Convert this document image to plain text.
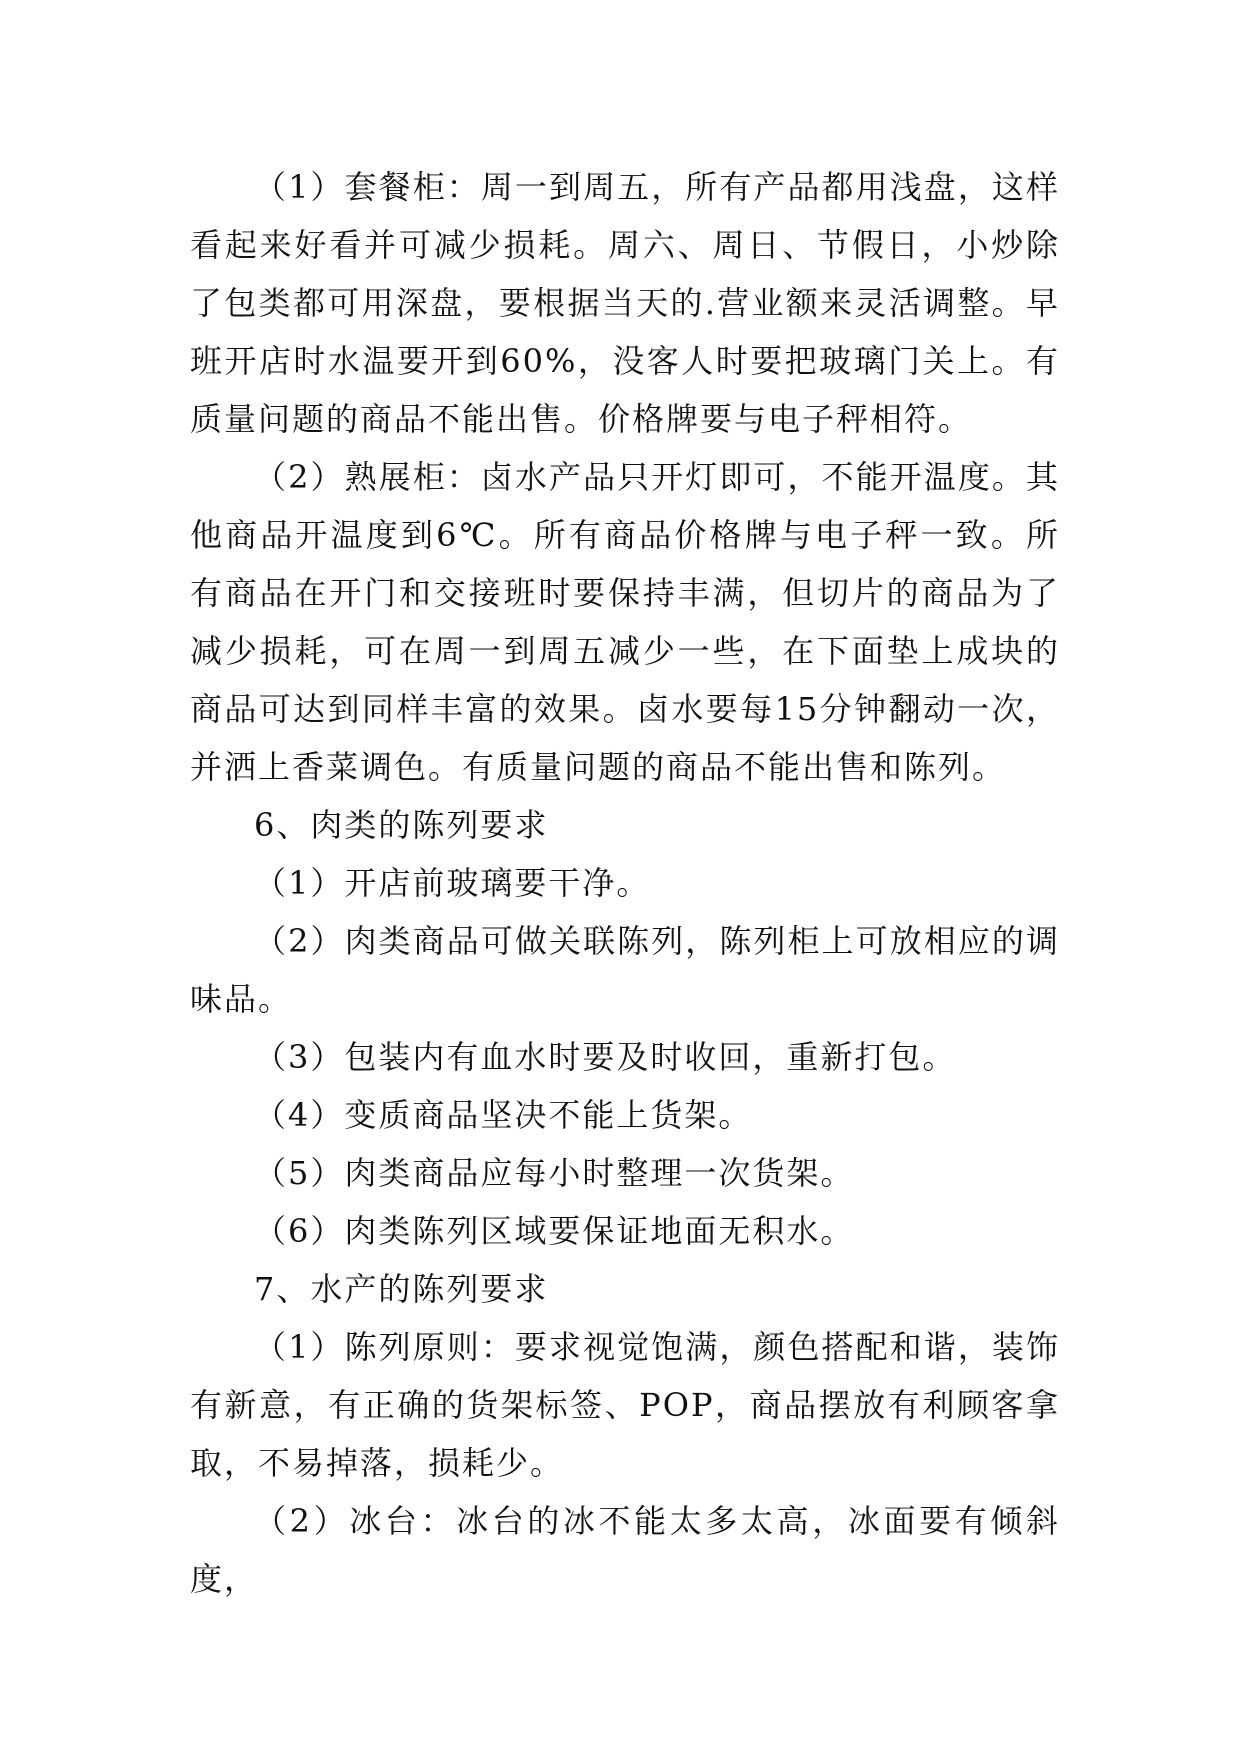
（1）套餐柜：周一到周五，所有产品都用浅盘，这样看起来好看并可减少损耗。周六、周日、节假日，小炒除了包类都可用深盘，要根据当天的.营业额来灵活调整。早班开店时水温要开到60%，没客人时要把玻璃门关上。有质量问题的商品不能出售。价格牌要与电子秤相符。

（2）熟展柜：卤水产品只开灯即可，不能开温度。其他商品开温度到6℃。所有商品价格牌与电子秤一致。所有商品在开门和交接班时要保持丰满，但切片的商品为了减少损耗，可在周一到周五减少一些，在下面垫上成块的商品可达到同样丰富的效果。卤水要每15分钟翻动一次，并洒上香菜调色。有质量问题的商品不能出售和陈列。

6、肉类的陈列要求

（1）开店前玻璃要干净。

（2）肉类商品可做关联陈列，陈列柜上可放相应的调味品。

（3）包装内有血水时要及时收回，重新打包。

（4）变质商品坚决不能上货架。

（5）肉类商品应每小时整理一次货架。

（6）肉类陈列区域要保证地面无积水。

7、水产的陈列要求

（1）陈列原则：要求视觉饱满，颜色搭配和谐，装饰有新意，有正确的货架标签、POP，商品摆放有利顾客拿取，不易掉落，损耗少。

（2）冰台：冰台的冰不能太多太高，冰面要有倾斜度，
